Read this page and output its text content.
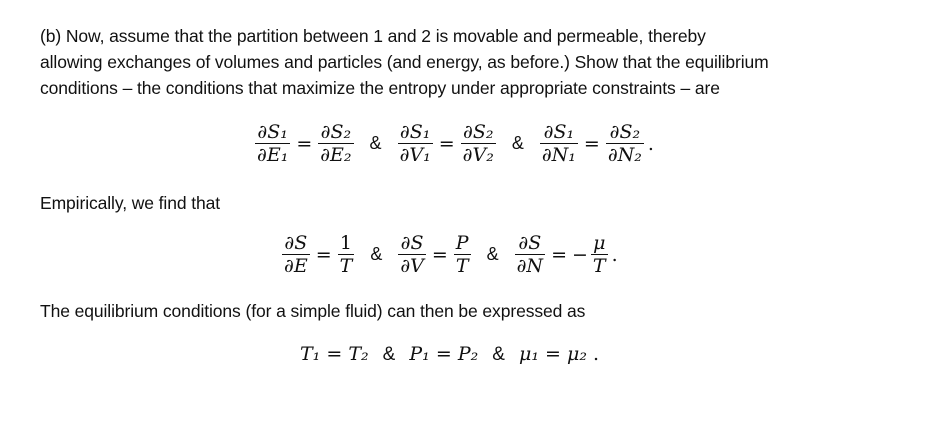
(b) Now, assume that the partition between 1 and 2 is movable and permeable, thereby
allowing exchanges of volumes and particles (and energy, as before.) Show that the equilibrium
conditions – the conditions that maximize the entropy under appropriate constraints – are
$\frac{\text{∂S₁}}{\text{∂E₁}} = \frac{\text{∂S₂}}{\text{∂E₂}}$ & $\frac{\text{∂S₁}}{\text{∂V₁}} = \frac{\text{∂S₂}}{\text{∂V₂}}$ & $\frac{\text{∂S₁}}{\text{∂N₁}} = \frac{\text{∂S₂}}{\text{∂N₂}}$ .
Empirically, we find that
$\frac{\partial S}{\partial E} = \frac{1}{T}$ & $\frac{\partial S}{\partial V} = \frac{P}{T}$ & $\frac{\partial S}{\partial N}$ = − $\frac{\mu}{T}$ .
The equilibrium conditions (for a simple fluid) can then be expressed as
T₁ = T₂ & P₁ = P₂ & μ₁ = μ₂ .
